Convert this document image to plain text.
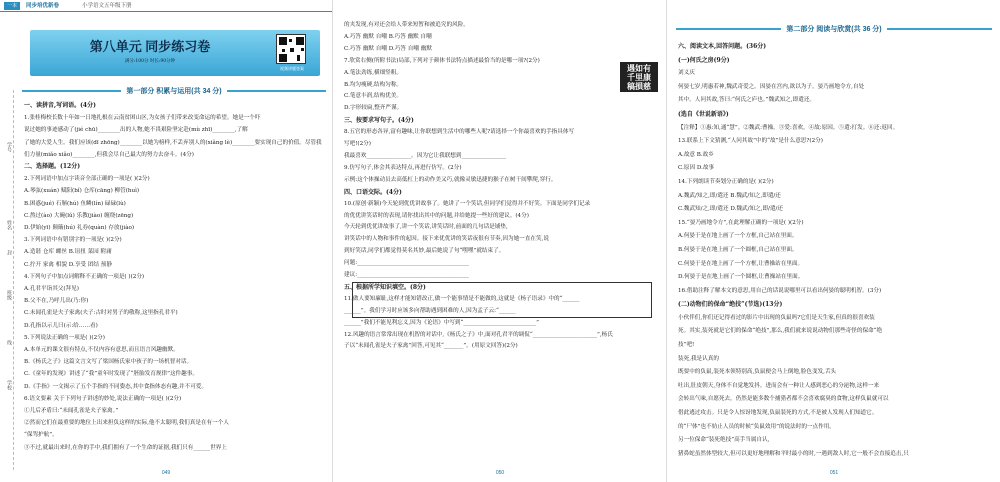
一本	同步培优新卷	小学语文五年级下册
第八单元 同步练习卷
满分:100分 时长:90分钟
视频讲题答案
学号
姓名
封
班级
线
学校
第一部分 积累与运用(共 34 分)
一、读拼音,写词语。(4分)
1.张桂梅校长数十年如一日地扎根在云南贫困山区,为女孩子们带来改变命运的希望。她是一个吓
说过她的事迹感动了(jié chū)________出的人物,她不畏艰险坚定赴(mù zhī)________,了解
了她的大爱人生。我们应该(dī zhōng)________以她为榜样,不丢弃别人的(xiǎng lè)________要实现自己的价值。尽管我
们力量(miǎo xiǎo)________,但我会尽自己最大的努力去奋斗。(4分)
二、选择题。(12分)
2.下列词语中加点字读音全部正确的一项是( )(2分)
A.琴弦(xuán) 赋阳(bǐ) 仓库(cāng) 柳管(huì)
B.困惑(jué) 石斛(hú) 鱼鳞(lín) 碌碌(lù)
C.熬过(ào) 大碗(lǔ) 乐教(jiào) 缠绕(zēng)
D.伊始(yī) 颠簸(hú) 礼券(quàn) 存放(jiào)
3.下列词语中有错别字的一项是( )(2分)
A.造谐 仓库 螺丝 B.诅扭 菜园 附庸
C.拧开 家禽 相貌 D.享受 团结 预静
4.下列句子中加点词解释不正确的一项是( )(2分)
A.孔君平诣其父(拜见)
B.父不在,乃呼儿出(乃:你)
C.未闻孔雀是夫子家禽(夫子:古时对男子的敬称,这里指孔君平)
D.孔指以示儿曰(示:给……看)
5.下列说法正确的一项是( )(2分)
A.本单元的课文很有特点,不仅内容有意思,而且语言风趣幽默。
B.《杨氏之子》这篇文言文写了梁国杨氏家中孩子的一场机智对话。
C.《童年的发现》讲述了“我”童年时发现了“胚胎发育规律”这件趣事。
D.《手指》一文揭示了五个手指的不同姿态,其中食指体态有趣,并不可爱。
6.语文要素 关于下列句子讲述的妙处,说法正确的一项是( )(2分)
①儿后矛盾曰:“未闻孔雀是夫子家禽。”
②然而它们在最重要的地位上出来担负这样的实际,他不太聪明,我们真是在有一个人
“保驾护航”。
③不过,就最出来时,在你的手中,我们拥有了一个生命的证据,我们只有______世界上
049
的夹发现,有对还会给人带来短暂和被追究的风险。
A.巧答 幽默 自嘲 B.巧答 幽默 自嘲
C.巧答 幽默 自嘲 D.巧答 自嘲 幽默
7.欣赏右侧(所附书法)局部,下列对于颜体书法特点描述最恰当的是哪一项?(2分)
A.笔法劲练,横细竖粗。
B.均匀瘦硬,结构匀称。
C.笔意丰润,结构优美。
D.字形较扁,整齐严谨。
三、按要求写句子。(4分)
8.五官的形态各异,富有趣味,让你联想到生活中的哪些人呢?请选择一个你最喜欢的手指具体写
写吧!(2分)
我最喜欢________________。因为它让我联想到________________
9.仿写句子,体会其表达特点,再进行仿写。(2分)
示例:这个体操动员去高低杠上的动作美又巧,就像灵敏迅捷的猴子在树干间攀爬,穿行。
四、口语交际。(4分)
10.(原创·新颖)今天轮到优优讲故事了。她讲了一个笑话,但同学们觉得并不好笑。下面是同学们记录
的优优讲笑话时的表现,请你找出其中的问题,并给她提一些好的建议。(4分)
今天轮到优优讲故事了,讲一个笑话,讲笑话时,前面的几句话是铺垫,
讲笑话中的人物和事件的起因。接下来优优讲的笑话夜很有节奏,因为她一直在笑,说
到好笑话,同学们都觉得莫名其妙,最后她说了句“嘿嘿”就结束了。
问题:________________________________________
建议:________________________________________
五、根据所学知识填空。(8分)
11.做人要知廉耻,这样才能知错改正,做一个能事情是不能做的,这就是《杨子语录》中的“______
______”。我们学习时应该多向帮助遇到困难的人,因为孟子云:“______
______”我们不能见利忘义,因为《论语》中写到“__________________________”
12.风趣的语言常常出现在机智的对话中,《杨氏之子》中,面对孔君平的调侃“_______________________”,杨氏
子以“未闻孔雀是夫子家禽”回答,可见其“_______”。(用原文回答)(2分)
遇如有
千里康
稿損慈
050
第二部分 阅读与欣赏(共 36 分)
六、阅读文本,回答问题。(36分)
(一)何氏之房(9分)
刘义庆
何晏七岁,明惠若神,魏武奇爱之。因晏在宫内,欲以为子。晏乃画地令方,自处
其中。人问其故,答曰:“何氏之庐也。”魏武知之,即遣还。
(选自《世说新语》)
【注释】①惠:知,通“慧”。②魏武:曹操。③爱:喜欢。④故:原因。⑤遣:打发。⑥还:返回。
13.联系上下文猜测,“人问其故”中的“故”是什么意思?(2分)
A.故意 B.故乡
C.原因 D.故事
14.下列朗读节奏划分正确的是( )(2分)
A.魏武/知之,即/遣还 B.魏武/知之,即遣/还
C.魏武知/之,即/遣还 D.魏武/知之,即/遣/还
15.“晏乃画地令方”,在此理解正确的一项是( )(2分)
A.何晏于是在地上画了一个方框,自己站在里面。
B.何晏于是在地上画了一个圆框,自己站在里面。
C.何晏于是在地上画了一个方框,让曹操站在里面。
D.何晏于是在地上画了一个圆框,让曹操站在里面。
16.借助注释了解本文的意思,用自己的话说说哪里可以看出何晏的聪明机智。(3分)
(二)动物们的保命“绝技”(节选)(13分)
小伙伴们,你们还记得看过的影片中出现的负鼠吗?它们是天生家,但真的很喜欢装
死。其实,装死就是它们的保命“绝技”,那么,我们就来说说动物们那些奇怪的保命“绝
技”吧!
装死,我是认真的
既要中的负鼠,装死本领特别高,负鼠便会马上倒地,脸色变发,舌头
吐出,肚皮朝天,身体不自觉地发抖。进而会有一种让人感到恶心的分泌物,这样一来
会转出气味,自愿死去。仍然是能多数个捕猎者都不会喜欢腐臭的食物,这样负鼠就可以
借此逃过攻击。只是令人惊讶地发现,负鼠装死的方式,不是被人发现人们知道它。
的“尸体”也不妨止人员的时候“负鼠效用”的说法时的一点作用。
另一位保命“装死绝技”高手当属自认,
猪鼻蛇虽然体型较大,但可以更好地理解和平时最小的时,一遇到敌人时,它一般不会直接追击,只
051
